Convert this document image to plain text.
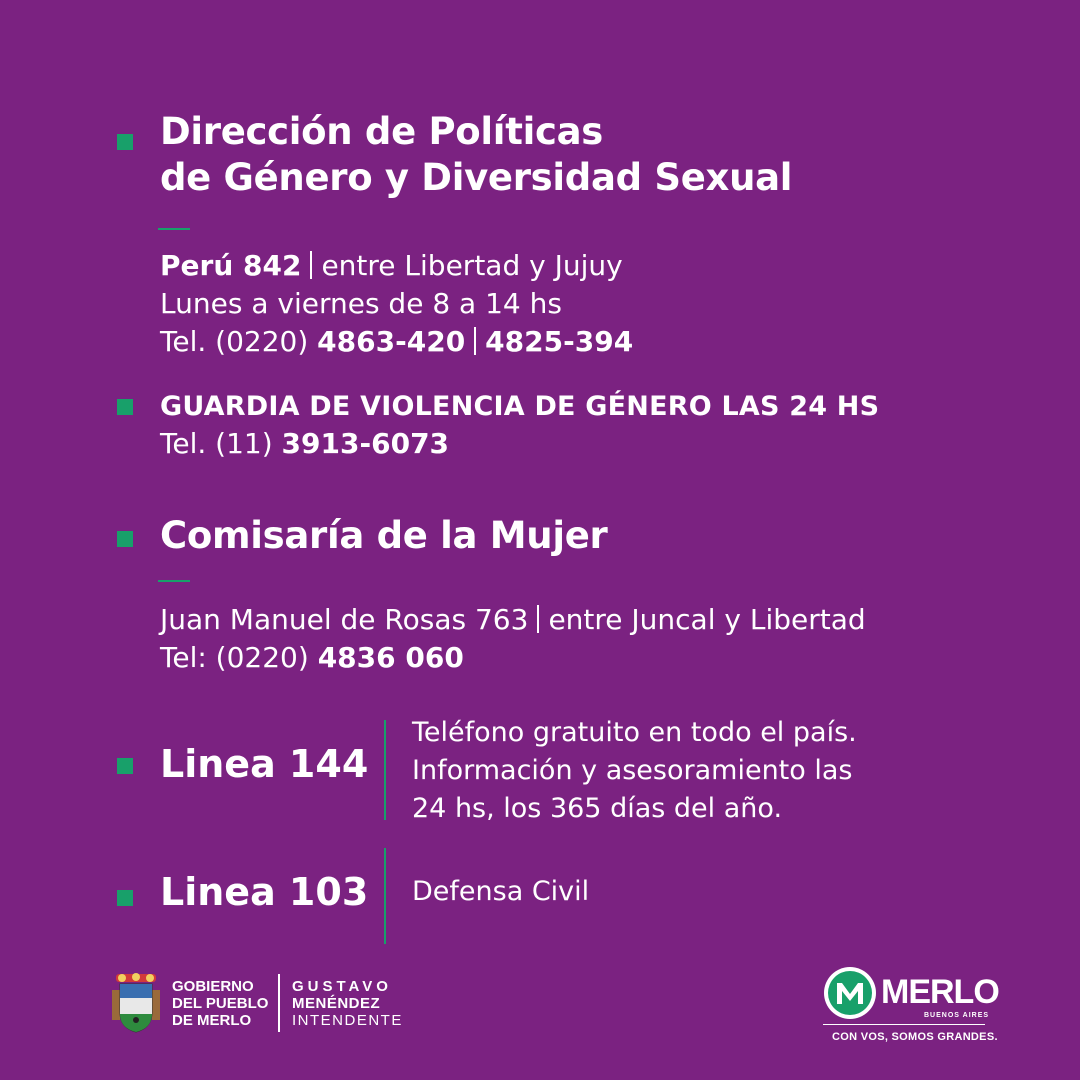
Dirección de Políticas
de Género y Diversidad Sexual
Perú 842 entre Libertad y Jujuy
Lunes a viernes de 8 a 14 hs
Tel. (0220) 4863-420 4825-394
GUARDIA DE VIOLENCIA DE GÉNERO LAS 24 HS
Tel. (11) 3913-6073
Comisaría de la Mujer
Juan Manuel de Rosas 763 entre Juncal y Libertad
Tel: (0220) 4836 060
Linea 144
Teléfono gratuito en todo el país.
Información y asesoramiento las
24 hs, los 365 días del año.
Linea 103 Defensa Civil
GOBIERNO
DEL PUEBLO
DE MERLO
GUSTAVO
MENÉNDEZ
INTENDENTE
MERLO
BUENOS AIRES
CON VOS, SOMOS GRANDES.
